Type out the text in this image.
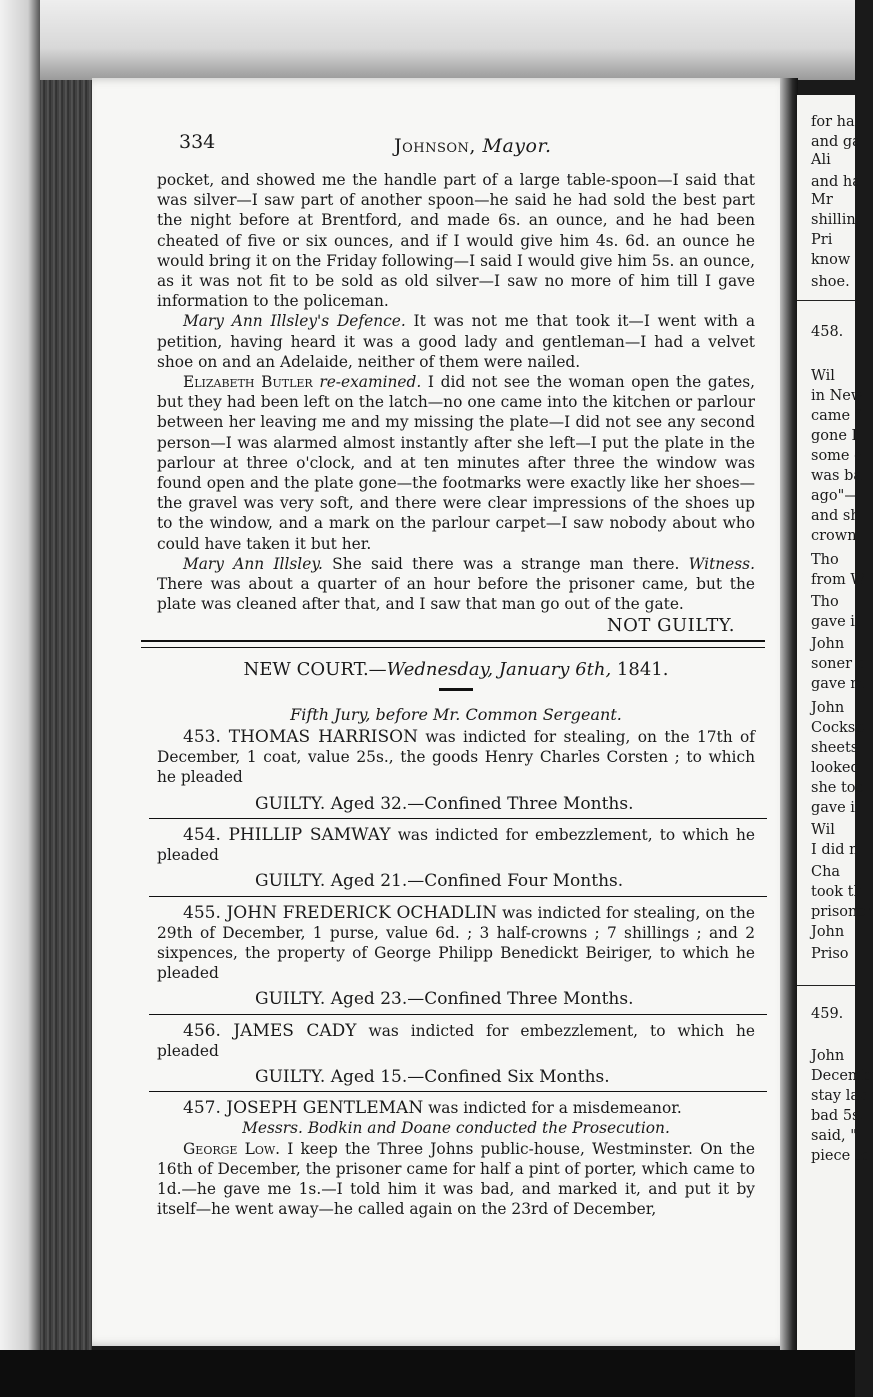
for ha
and ga
Ali
and ha
Mr
shillin
Pri
know
shoe.
458.
Wil
in New
came f
gone I
some c
was ba
ago"—
and sh
crown
Tho
from W
Tho
gave it
John
soner o
gave m
John
Cocksp
sheets
looked
she too
gave it
Wil
I did n
Cha
took th
prisoner
John
Priso
459.
John
Decemb
stay lac
bad 5s.
said, "
piece to
334	Johnson, Mayor.

pocket, and showed me the handle part of a large table-spoon—I said that was silver—I saw part of another spoon—he said he had sold the best part the night before at Brentford, and made 6s. an ounce, and he had been cheated of five or six ounces, and if I would give him 4s. 6d. an ounce he would bring it on the Friday following—I said I would give him 5s. an ounce, as it was not fit to be sold as old silver—I saw no more of him till I gave information to the policeman.

Mary Ann Illsley's Defence. It was not me that took it—I went with a petition, having heard it was a good lady and gentleman—I had a velvet shoe on and an Adelaide, neither of them were nailed.

Elizabeth Butler re-examined. I did not see the woman open the gates, but they had been left on the latch—no one came into the kitchen or parlour between her leaving me and my missing the plate—I did not see any second person—I was alarmed almost instantly after she left—I put the plate in the parlour at three o'clock, and at ten minutes after three the window was found open and the plate gone—the footmarks were exactly like her shoes—the gravel was very soft, and there were clear impressions of the shoes up to the window, and a mark on the parlour carpet—I saw nobody about who could have taken it but her.

Mary Ann Illsley. She said there was a strange man there. Witness. There was about a quarter of an hour before the prisoner came, but the plate was cleaned after that, and I saw that man go out of the gate.

NOT GUILTY.
NEW COURT.—Wednesday, January 6th, 1841.
Fifth Jury, before Mr. Common Sergeant.

453. THOMAS HARRISON was indicted for stealing, on the 17th of December, 1 coat, value 25s., the goods Henry Charles Corsten ; to which he pleaded

GUILTY. Aged 32.—Confined Three Months.

454. PHILLIP SAMWAY was indicted for embezzlement, to which he pleaded

GUILTY. Aged 21.—Confined Four Months.

455. JOHN FREDERICK OCHADLIN was indicted for stealing, on the 29th of December, 1 purse, value 6d. ; 3 half-crowns ; 7 shillings ; and 2 sixpences, the property of George Philipp Benedickt Beiriger, to which he pleaded

GUILTY. Aged 23.—Confined Three Months.

456. JAMES CADY was indicted for embezzlement, to which he pleaded

GUILTY. Aged 15.—Confined Six Months.

457. JOSEPH GENTLEMAN was indicted for a misdemeanor.

Messrs. Bodkin and Doane conducted the Prosecution.

George Low. I keep the Three Johns public-house, Westminster. On the 16th of December, the prisoner came for half a pint of porter, which came to 1d.—he gave me 1s.—I told him it was bad, and marked it, and put it by itself—he went away—he called again on the 23rd of December,
